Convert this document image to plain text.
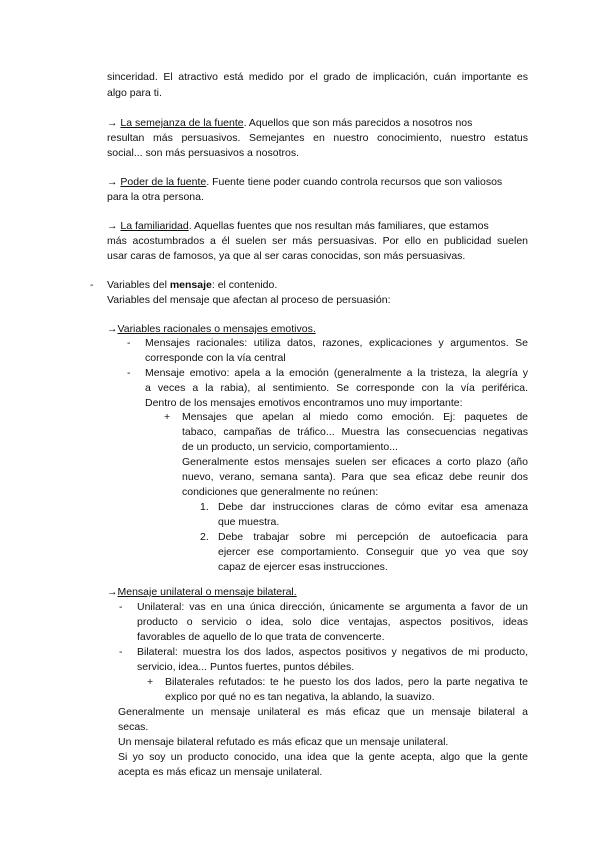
sinceridad. El atractivo está medido por el grado de implicación, cuán importante es
algo para ti.
→ La semejanza de la fuente. Aquellos que son más parecidos a nosotros nos
resultan más persuasivos. Semejantes en nuestro conocimiento, nuestro estatus
social... son más persuasivos a nosotros.
→ Poder de la fuente. Fuente tiene poder cuando controla recursos que son valiosos
para la otra persona.
→ La familiaridad. Aquellas fuentes que nos resultan más familiares, que estamos
más acostumbrados a él suelen ser más persuasivas. Por ello en publicidad suelen
usar caras de famosos, ya que al ser caras conocidas, son más persuasivas.
- Variables del mensaje: el contenido.
Variables del mensaje que afectan al proceso de persuasión:
→Variables racionales o mensajes emotivos.
- Mensajes racionales: utiliza datos, razones, explicaciones y argumentos. Se
corresponde con la vía central
- Mensaje emotivo: apela a la emoción (generalmente a la tristeza, la alegría y
a veces a la rabia), al sentimiento. Se corresponde con la vía periférica.
Dentro de los mensajes emotivos encontramos uno muy importante:
+ Mensajes que apelan al miedo como emoción. Ej: paquetes de
tabaco, campañas de tráfico... Muestra las consecuencias negativas
de un producto, un servicio, comportamiento...
Generalmente estos mensajes suelen ser eficaces a corto plazo (año
nuevo, verano, semana santa). Para que sea eficaz debe reunir dos
condiciones que generalmente no reúnen:
1. Debe dar instrucciones claras de cómo evitar esa amenaza
que muestra.
2. Debe trabajar sobre mi percepción de autoeficacia para
ejercer ese comportamiento. Conseguir que yo vea que soy
capaz de ejercer esas instrucciones.
→Mensaje unilateral o mensaje bilateral.
- Unilateral: vas en una única dirección, únicamente se argumenta a favor de un
producto o servicio o idea, solo dice ventajas, aspectos positivos, ideas
favorables de aquello de lo que trata de convencerte.
- Bilateral: muestra los dos lados, aspectos positivos y negativos de mi producto,
servicio, idea... Puntos fuertes, puntos débiles.
+ Bilaterales refutados: te he puesto los dos lados, pero la parte negativa te
explico por qué no es tan negativa, la ablando, la suavizo.
Generalmente un mensaje unilateral es más eficaz que un mensaje bilateral a
secas.
Un mensaje bilateral refutado es más eficaz que un mensaje unilateral.
Si yo soy un producto conocido, una idea que la gente acepta, algo que la gente
acepta es más eficaz un mensaje unilateral.
